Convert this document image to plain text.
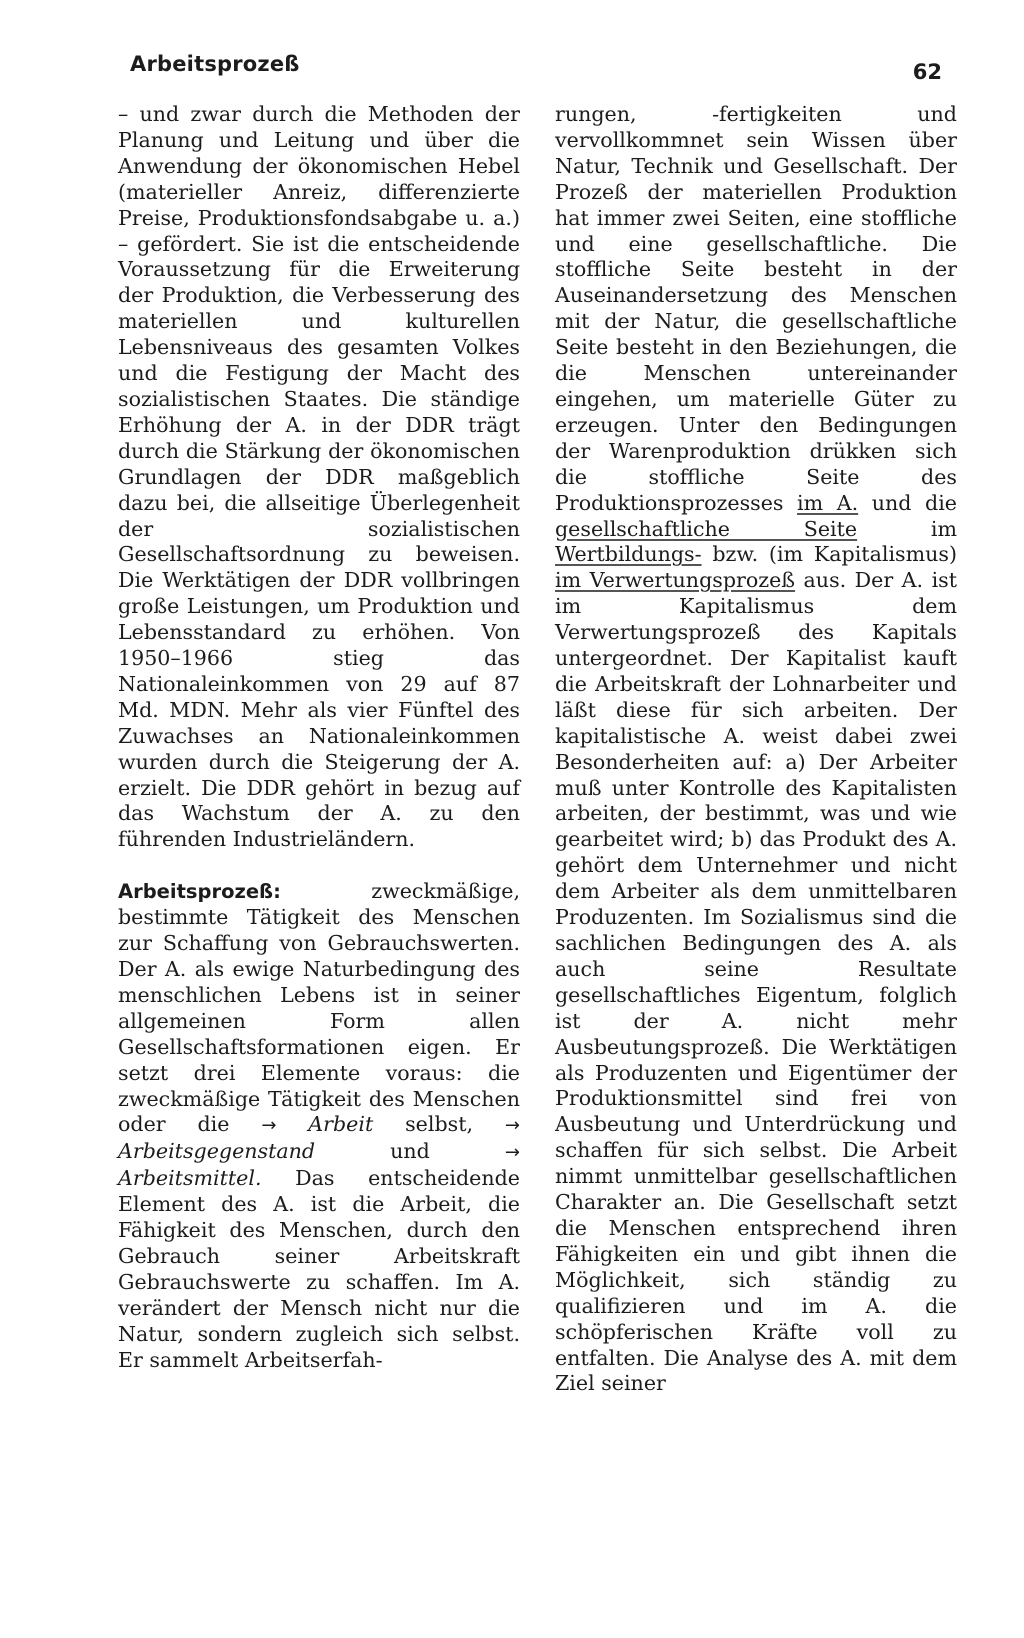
Arbeitsprozeß	62

– und zwar durch die Methoden der Planung und Leitung und über die Anwendung der ökonomischen Hebel (materieller Anreiz, differenzierte Preise, Produktionsfondsabgabe u. a.) – gefördert. Sie ist die entscheidende Voraussetzung für die Erweiterung der Produktion, die Verbesserung des materiellen und kulturellen Lebensniveaus des gesamten Volkes und die Festigung der Macht des sozialistischen Staates. Die ständige Erhöhung der A. in der DDR trägt durch die Stärkung der ökonomischen Grundlagen der DDR maßgeblich dazu bei, die allseitige Überlegenheit der sozialistischen Gesellschaftsordnung zu beweisen. Die Werktätigen der DDR vollbringen große Leistungen, um Produktion und Lebensstandard zu erhöhen. Von 1950–1966 stieg das Nationaleinkommen von 29 auf 87 Md. MDN. Mehr als vier Fünftel des Zuwachses an Nationaleinkommen wurden durch die Steigerung der A. erzielt. Die DDR gehört in bezug auf das Wachstum der A. zu den führenden Industrieländern.

Arbeitsprozeß: zweckmäßige, bestimmte Tätigkeit des Menschen zur Schaffung von Gebrauchswerten. Der A. als ewige Naturbedingung des menschlichen Lebens ist in seiner allgemeinen Form allen Gesellschaftsformationen eigen. Er setzt drei Elemente voraus: die zweckmäßige Tätigkeit des Menschen oder die → Arbeit selbst, → Arbeitsgegenstand und → Arbeitsmittel. Das entscheidende Element des A. ist die Arbeit, die Fähigkeit des Menschen, durch den Gebrauch seiner Arbeitskraft Gebrauchswerte zu schaffen. Im A. verändert der Mensch nicht nur die Natur, sondern zugleich sich selbst. Er sammelt Arbeitserfah-

rungen, -fertigkeiten und vervollkommnet sein Wissen über Natur, Technik und Gesellschaft. Der Prozeß der materiellen Produktion hat immer zwei Seiten, eine stoffliche und eine gesellschaftliche. Die stoffliche Seite besteht in der Auseinandersetzung des Menschen mit der Natur, die gesellschaftliche Seite besteht in den Beziehungen, die die Menschen untereinander eingehen, um materielle Güter zu erzeugen. Unter den Bedingungen der Warenproduktion drükken sich die stoffliche Seite des Produktionsprozesses im A. und die gesellschaftliche Seite im Wertbildungs- bzw. (im Kapitalismus) im Verwertungsprozeß aus. Der A. ist im Kapitalismus dem Verwertungsprozeß des Kapitals untergeordnet. Der Kapitalist kauft die Arbeitskraft der Lohnarbeiter und läßt diese für sich arbeiten. Der kapitalistische A. weist dabei zwei Besonderheiten auf: a) Der Arbeiter muß unter Kontrolle des Kapitalisten arbeiten, der bestimmt, was und wie gearbeitet wird; b) das Produkt des A. gehört dem Unternehmer und nicht dem Arbeiter als dem unmittelbaren Produzenten. Im Sozialismus sind die sachlichen Bedingungen des A. als auch seine Resultate gesellschaftliches Eigentum, folglich ist der A. nicht mehr Ausbeutungsprozeß. Die Werktätigen als Produzenten und Eigentümer der Produktionsmittel sind frei von Ausbeutung und Unterdrückung und schaffen für sich selbst. Die Arbeit nimmt unmittelbar gesellschaftlichen Charakter an. Die Gesellschaft setzt die Menschen entsprechend ihren Fähigkeiten ein und gibt ihnen die Möglichkeit, sich ständig zu qualifizieren und im A. die schöpferischen Kräfte voll zu entfalten. Die Analyse des A. mit dem Ziel seiner
